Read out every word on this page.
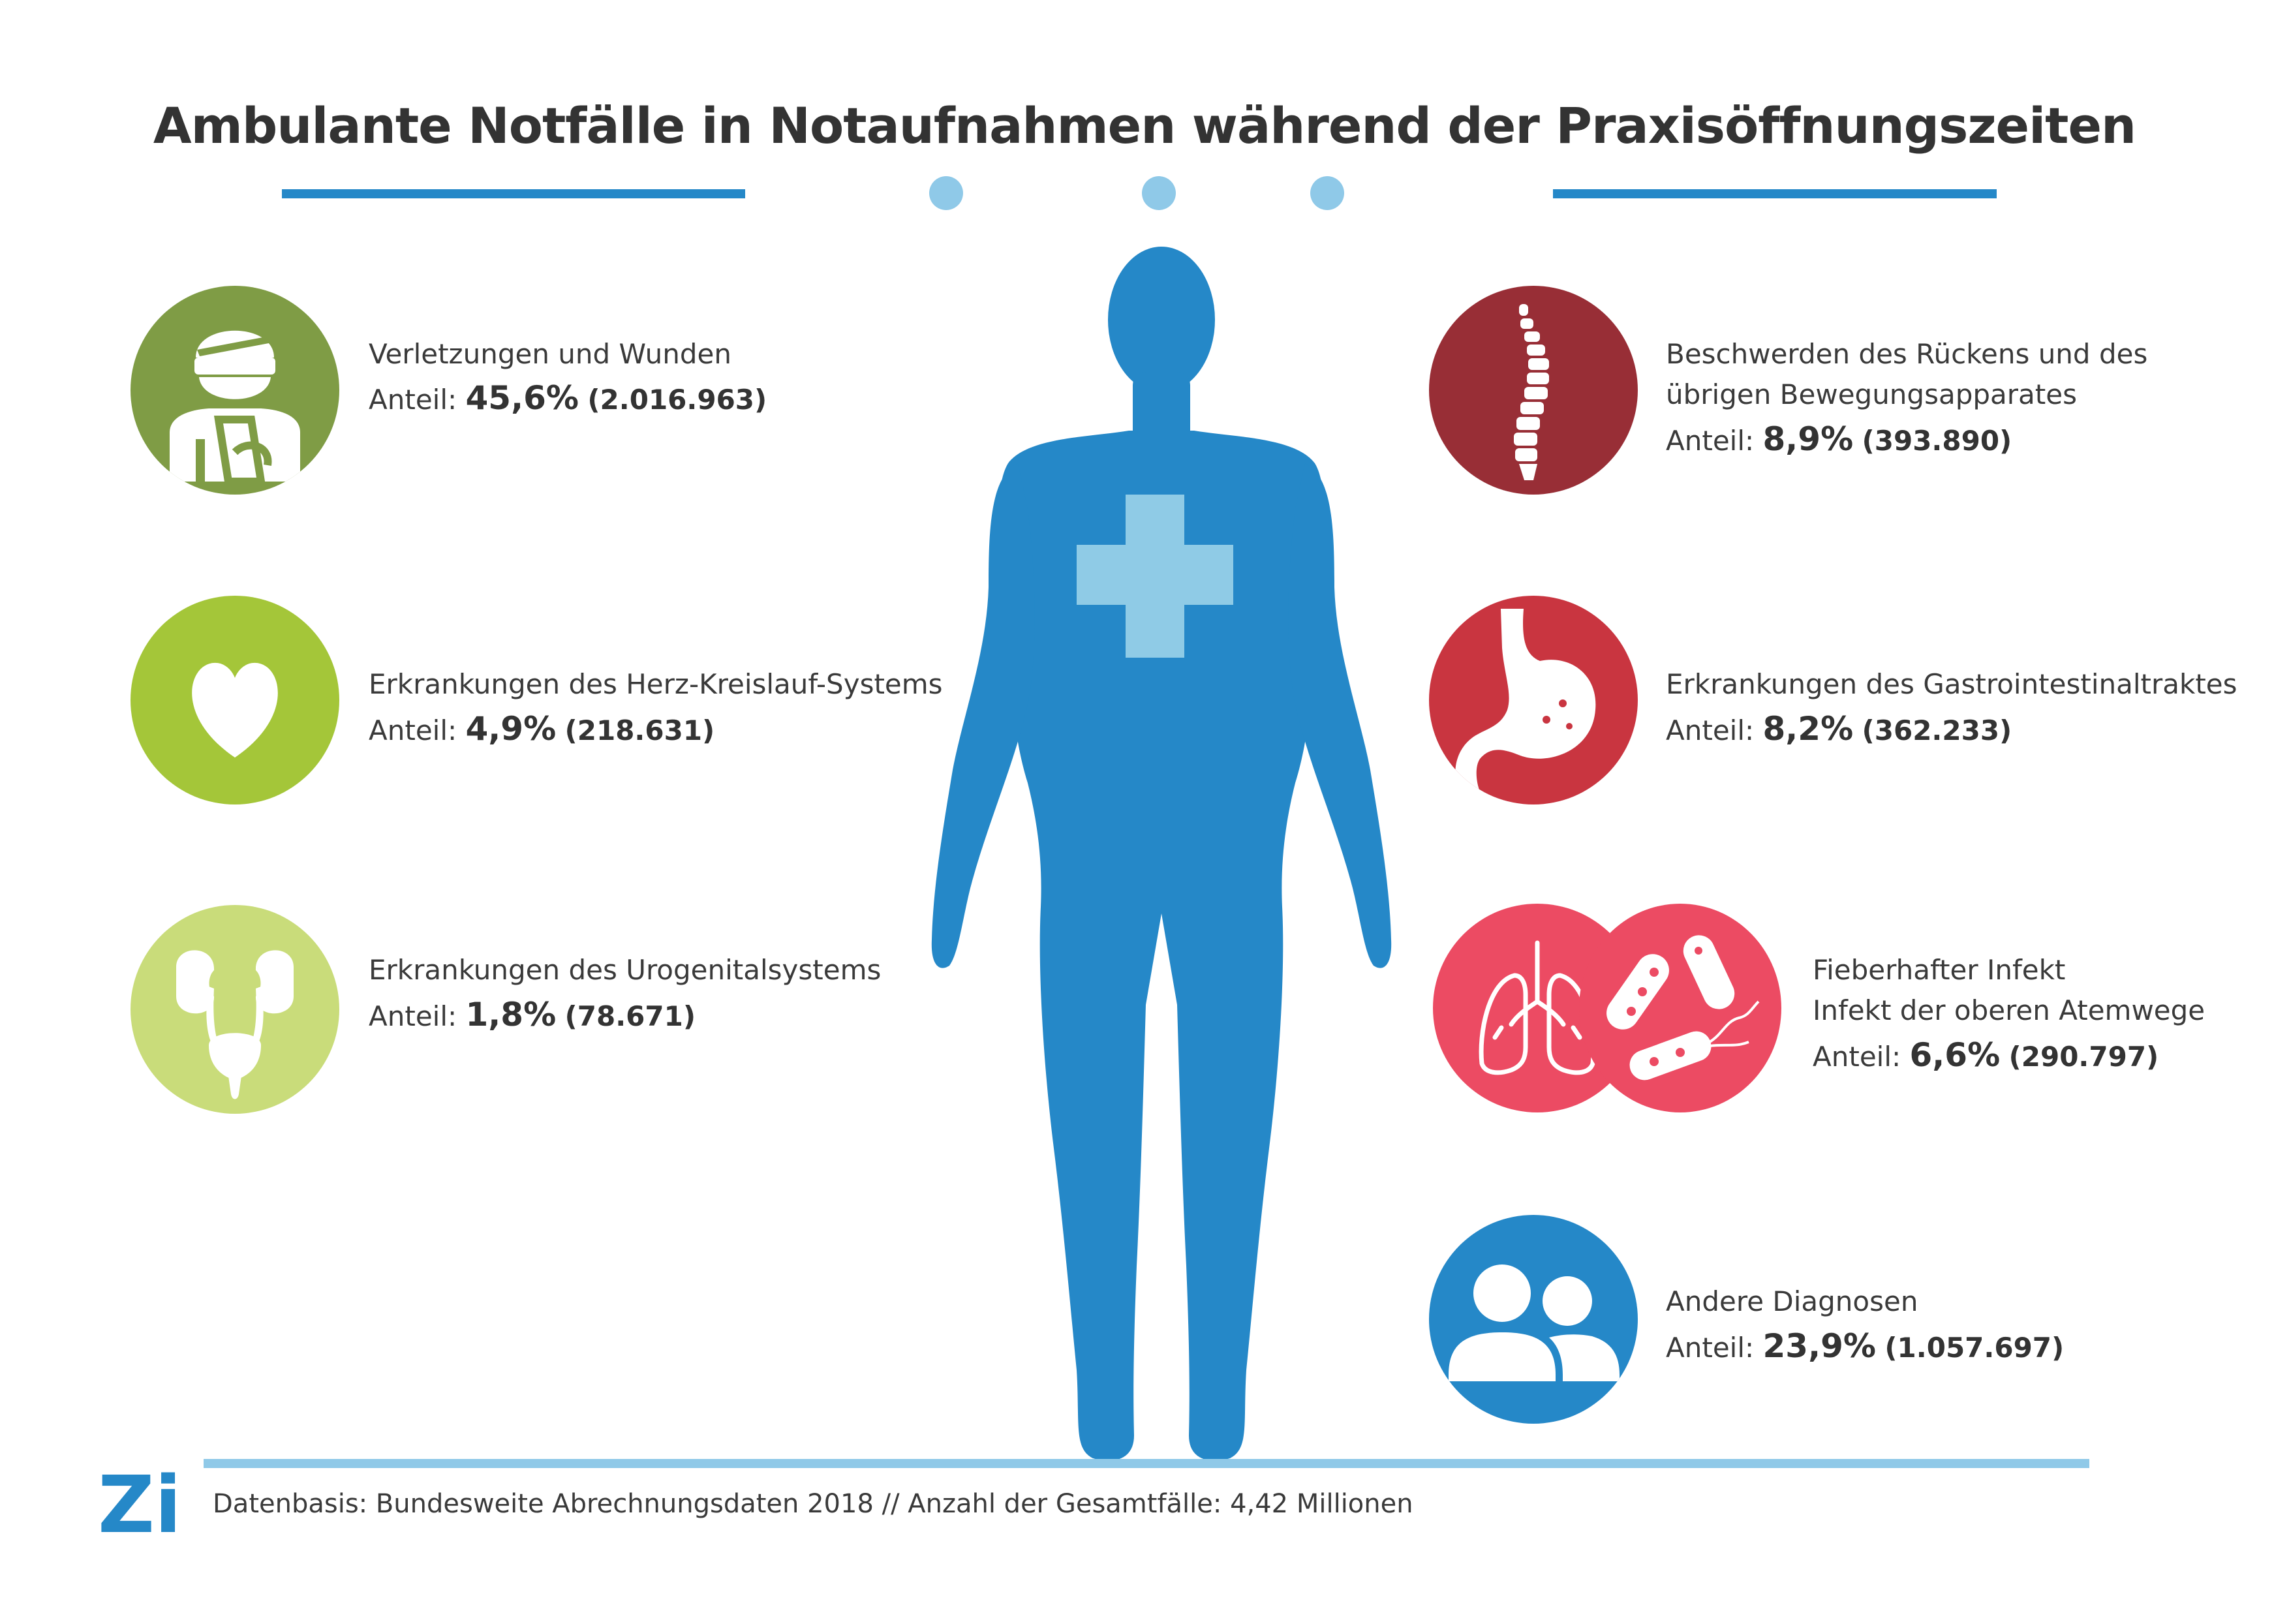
Ambulante Notfälle in Notaufnahmen während der Praxisöffnungszeiten
Verletzungen und Wunden
Anteil: 45,6% (2.016.963)
Erkrankungen des Herz-Kreislauf-Systems
Anteil: 4,9% (218.631)
Erkrankungen des Urogenitalsystems
Anteil: 1,8% (78.671)
Beschwerden des Rückens und des
übrigen Bewegungsapparates
Anteil: 8,9% (393.890)
Erkrankungen des Gastrointestinaltraktes
Anteil: 8,2% (362.233)
Fieberhafter Infekt
Infekt der oberen Atemwege
Anteil: 6,6% (290.797)
Andere Diagnosen
Anteil: 23,9% (1.057.697)
Zi Datenbasis: Bundesweite Abrechnungsdaten 2018 // Anzahl der Gesamtfälle: 4,42 Millionen
